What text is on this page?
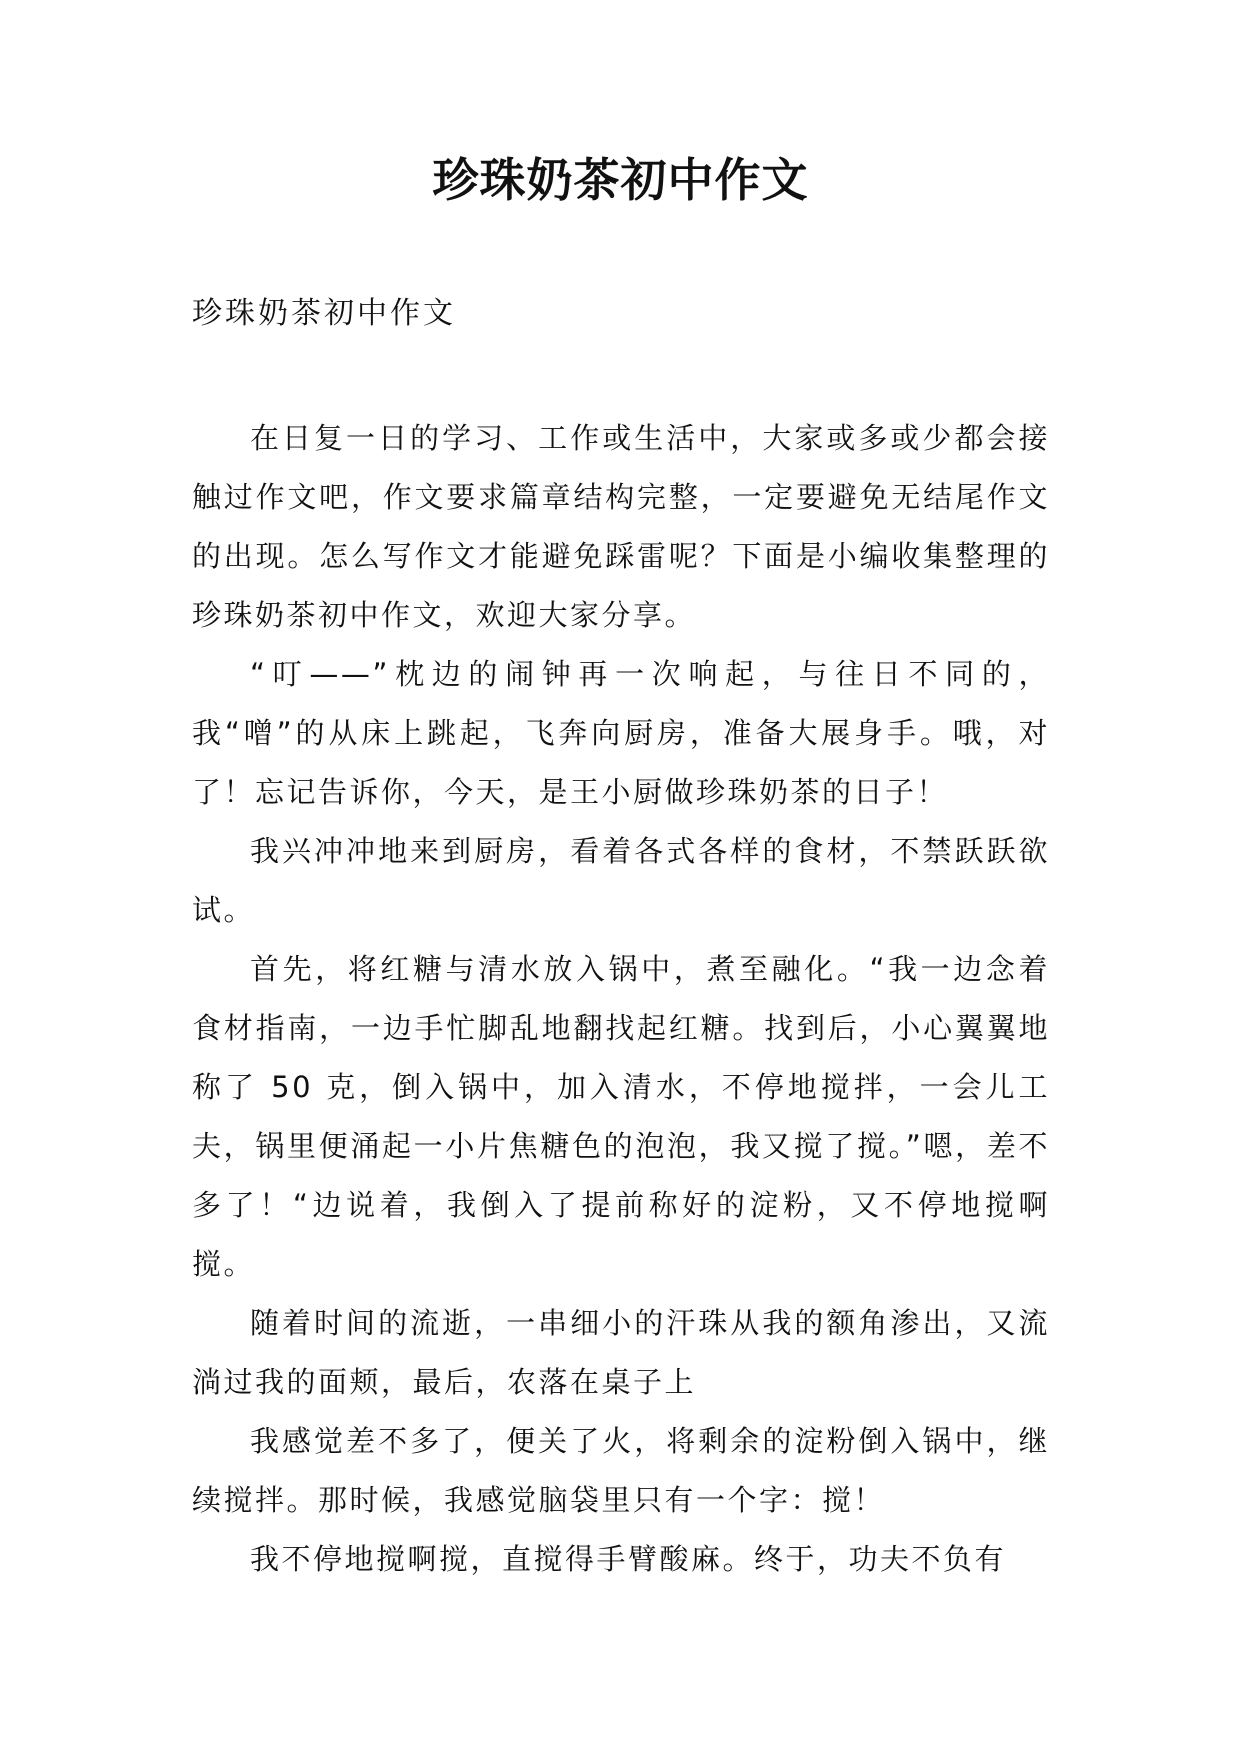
珍珠奶茶初中作文
珍珠奶茶初中作文

在日复一日的学习、工作或生活中，大家或多或少都会接触过作文吧，作文要求篇章结构完整，一定要避免无结尾作文的出现。怎么写作文才能避免踩雷呢？下面是小编收集整理的珍珠奶茶初中作文，欢迎大家分享。

“叮——”枕边的闹钟再一次响起，与往日不同的，我“噌”的从床上跳起，飞奔向厨房，准备大展身手。哦，对了！忘记告诉你，今天，是王小厨做珍珠奶茶的日子！

我兴冲冲地来到厨房，看着各式各样的食材，不禁跃跃欲试。

首先，将红糖与清水放入锅中，煮至融化。“我一边念着食材指南，一边手忙脚乱地翻找起红糖。找到后，小心翼翼地称了 50 克，倒入锅中，加入清水，不停地搅拌，一会儿工夫，锅里便涌起一小片焦糖色的泡泡，我又搅了搅。”嗯，差不多了！“边说着，我倒入了提前称好的淀粉，又不停地搅啊搅。

随着时间的流逝，一串细小的汗珠从我的额角渗出，又流淌过我的面颊，最后，农落在桌子上

我感觉差不多了，便关了火，将剩余的淀粉倒入锅中，继续搅拌。那时候，我感觉脑袋里只有一个字：搅！

我不停地搅啊搅，直搅得手臂酸麻。终于，功夫不负有
